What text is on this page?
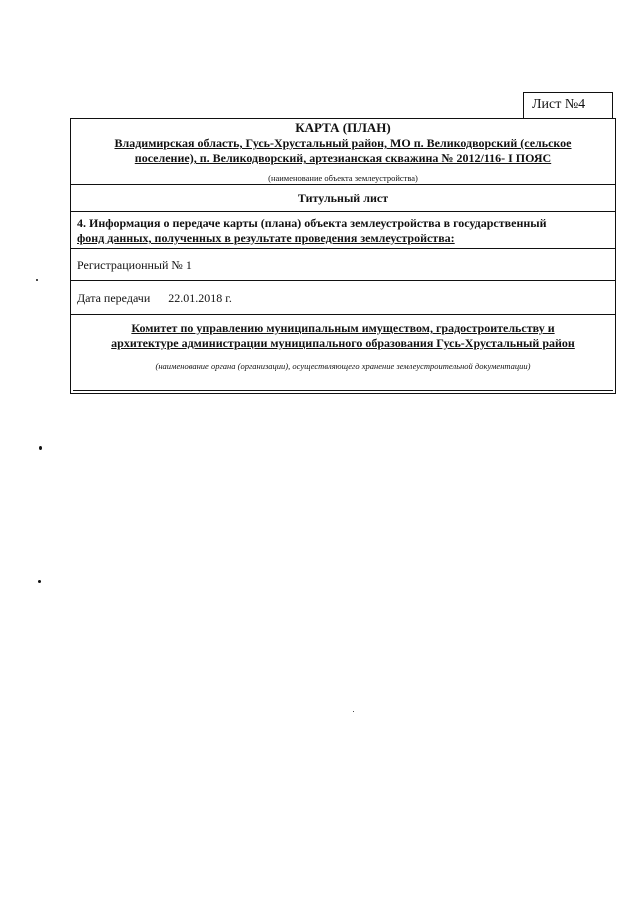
Лист №4
КАРТА (ПЛАН)
Владимирская область, Гусь-Хрустальный район, МО п. Великодворский (сельское
поселение), п. Великодворский, артезианская скважина № 2012/116- I ПОЯС
(наименование объекта землеустройства)
Титульный лист
4. Информация о передаче карты (плана) объекта землеустройства в государственный
фонд данных, полученных в результате проведения землеустройства:
Регистрационный № 1
Дата передачи 22.01.2018 г.
Комитет по управлению муниципальным имуществом, градостроительству и
архитектуре администрации муниципального образования Гусь-Хрустальный район
(наименование органа (организации), осуществляющего хранение землеустроительной документации)
